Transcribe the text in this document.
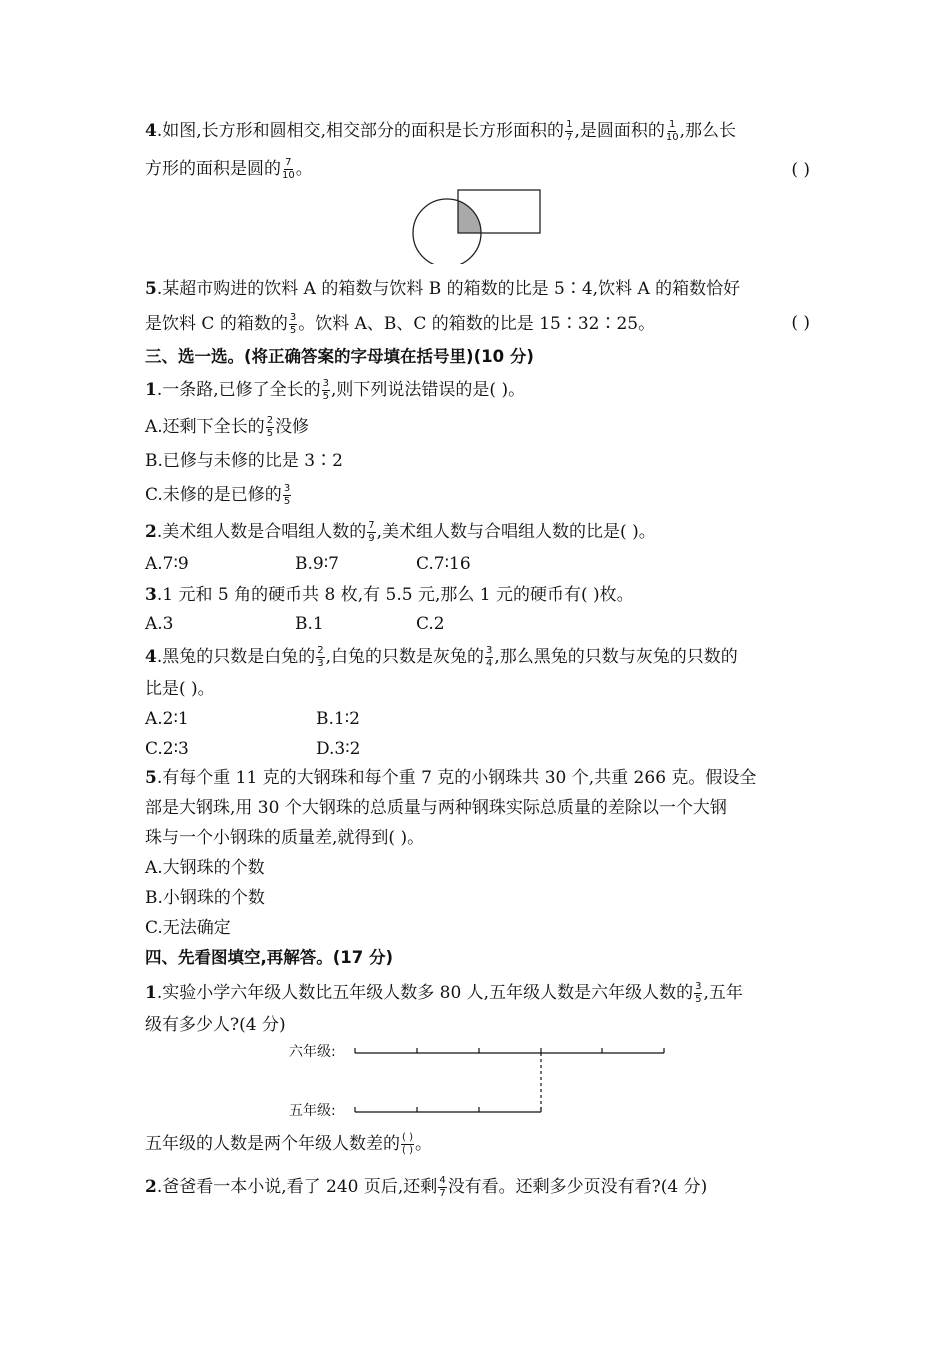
4.如图,长方形和圆相交,相交部分的面积是长方形面积的 $\frac{1}{7}$ ,是圆面积的 $\frac{1}{10}$ ,那么长
方形的面积是圆的 $\frac{7}{10}$ 。	( )
5.某超市购进的饮料 A 的箱数与饮料 B 的箱数的比是 5∶4,饮料 A 的箱数恰好
是饮料 C 的箱数的 $\frac{3}{5}$ 。饮料 A、B、C 的箱数的比是 15∶32∶25。	( )
三、选一选。(将正确答案的字母填在括号里)(10 分)
1.一条路,已修了全长的 $\frac{3}{5}$ ,则下列说法错误的是( )。
A.还剩下全长的 $\frac{2}{5}$ 没修
B.已修与未修的比是 3∶2
C.未修的是已修的 $\frac{3}{5}$
2.美术组人数是合唱组人数的 $\frac{7}{9}$ ,美术组人数与合唱组人数的比是( )。
A.7∶9	B.9∶7	C.7∶16
3.1 元和 5 角的硬币共 8 枚,有 5.5 元,那么 1 元的硬币有( )枚。
A.3	B.1	C.2
4.黑兔的只数是白兔的 $\frac{2}{3}$ ,白兔的只数是灰兔的 $\frac{3}{4}$ ,那么黑兔的只数与灰兔的只数的
比是( )。
A.2∶1	B.1∶2
C.2∶3	D.3∶2
5.有每个重 11 克的大钢珠和每个重 7 克的小钢珠共 30 个,共重 266 克。假设全
部是大钢珠,用 30 个大钢珠的总质量与两种钢珠实际总质量的差除以一个大钢
珠与一个小钢珠的质量差,就得到( )。
A.大钢珠的个数
B.小钢珠的个数
C.无法确定
四、先看图填空,再解答。(17 分)
1.实验小学六年级人数比五年级人数多 80 人,五年级人数是六年级人数的 $\frac{3}{5}$ ,五年
级有多少人?(4 分)
六年级:
五年级:
五年级的人数是两个年级人数差的 ( )
( ) 。
2.爸爸看一本小说,看了 240 页后,还剩 $\frac{4}{7}$ 没有看。还剩多少页没有看?(4 分)
